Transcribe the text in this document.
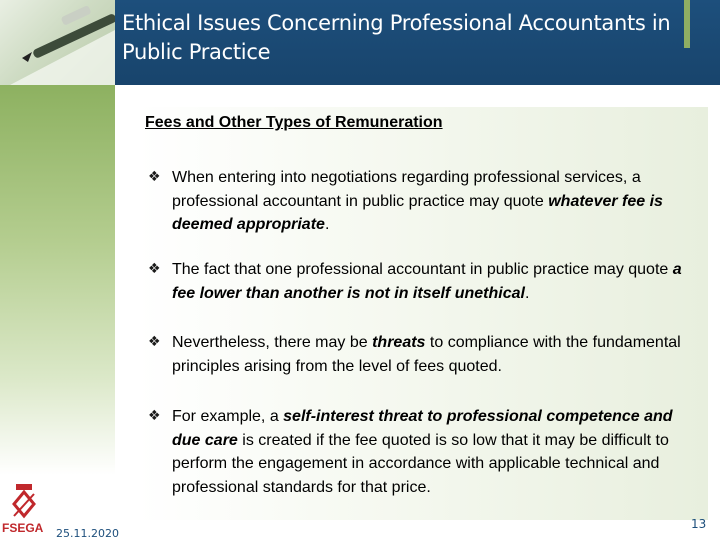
Ethical Issues Concerning Professional Accountants in Public Practice
Fees and Other Types of Remuneration
❖ When entering into negotiations regarding professional services, a professional accountant in public practice may quote whatever fee is deemed appropriate.
❖ The fact that one professional accountant in public practice may quote a fee lower than another is not in itself unethical.
❖ Nevertheless, there may be threats to compliance with the fundamental principles arising from the level of fees quoted.
❖ For example, a self-interest threat to professional competence and due care is created if the fee quoted is so low that it may be difficult to perform the engagement in accordance with applicable technical and professional standards for that price.
FSEGA 25.11.2020
13
